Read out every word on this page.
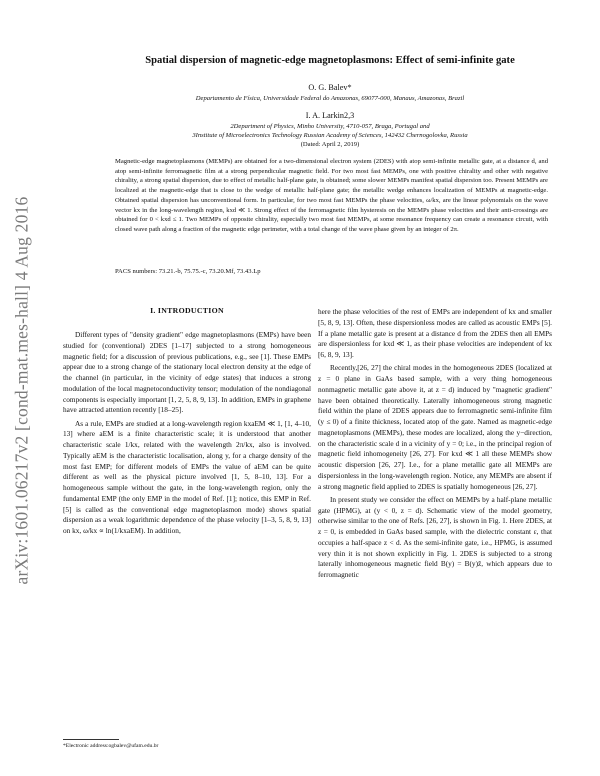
arXiv:1601.06217v2 [cond-mat.mes-hall] 4 Aug 2016
Spatial dispersion of magnetic-edge magnetoplasmons: Effect of semi-infinite gate
O. G. Balev*
Departamento de Física, Universidade Federal do Amazonas, 69077-000, Manaus, Amazonas, Brazil
I. A. Larkin2,3
2Department of Physics, Minho University, 4710-057, Braga, Portugal and
3Institute of Microelectronics Technology Russian Academy of Sciences, 142432 Chernogolovka, Russia
(Dated: April 2, 2019)
Magnetic-edge magnetoplasmons (MEMPs) are obtained for a two-dimensional electron system (2DES) with atop semi-infinite metallic gate, at a distance d, and atop semi-infinite ferromagnetic film at a strong perpendicular magnetic field. For two most fast MEMPs, one with positive chirality and other with negative chirality, a strong spatial dispersion, due to effect of metallic half-plane gate, is obtained; some slower MEMPs manifest spatial dispersion too. Present MEMPs are localized at the magnetic-edge that is close to the wedge of metallic half-plane gate; the metallic wedge enhances localization of MEMPs at magnetic-edge. Obtained spatial dispersion has unconventional form. In particular, for two most fast MEMPs the phase velocities, ω/kx, are the linear polynomials on the wave vector kx in the long-wavelength region, kxd ≪ 1. Strong effect of the ferromagnetic film hysteresis on the MEMPs phase velocities and their anti-crossings are obtained for 0 < kxd ≤ 1. Two MEMPs of opposite chirality, especially two most fast MEMPs, at some resonance frequency can create a resonance circuit, with closed wave path along a fraction of the magnetic edge perimeter, with a total change of the wave phase given by an integer of 2π.
PACS numbers: 73.21.-b, 75.75.-c, 73.20.Mf, 73.43.Lp
I. INTRODUCTION

Different types of "density gradient" edge magnetoplasmons (EMPs) have been studied for (conventional) 2DES [1–17] subjected to a strong homogeneous magnetic field; for a discussion of previous publications, e.g., see [1]. These EMPs appear due to a strong change of the stationary local electron density at the edge of the channel (in particular, in the vicinity of edge states) that induces a strong modulation of the local magnetoconductivity tensor; modulation of the nondiagonal components is especially important [1, 2, 5, 8, 9, 13]. In addition, EMPs in graphene have attracted attention recently [18–25].

As a rule, EMPs are studied at a long-wavelength region kxaEM ≪ 1, [1, 4–10, 13] where aEM is a finite characteristic scale; it is understood that another characteristic scale 1/kx, related with the wavelength 2π/kx, also is involved. Typically aEM is the characteristic localisation, along y, for a charge density of the most fast EMP; for different models of EMPs the value of aEM can be quite different as well as the physical picture involved [1, 5, 8–10, 13]. For a homogeneous sample without the gate, in the long-wavelength region, only the fundamental EMP (the only EMP in the model of Ref. [1]; notice, this EMP in Ref. [5] is called as the conventional edge magnetoplasmon mode) shows spatial dispersion as a weak logarithmic dependence of the phase velocity [1–3, 5, 8, 9, 13] on kx, ω/kx ∝ ln(1/kxaEM). In addition,

here the phase velocities of the rest of EMPs are independent of kx and smaller [5, 8, 9, 13]. Often, these dispersionless modes are called as acoustic EMPs [5]. If a plane metallic gate is present at a distance d from the 2DES then all EMPs are dispersionless for kxd ≪ 1, as their phase velocities are independent of kx [6, 8, 9, 13].

Recently,[26, 27] the chiral modes in the homogeneous 2DES (localized at z = 0 plane in GaAs based sample, with a very thing homogeneous nonmagnetic metallic gate above it, at z = d) induced by "magnetic gradient" have been obtained theoretically. Laterally inhomogeneous strong magnetic field within the plane of 2DES appears due to ferromagnetic semi-infinite film (y ≤ 0) of a finite thickness, located atop of the gate. Named as magnetic-edge magnetoplasmons (MEMPs), these modes are localized, along the y−direction, on the characteristic scale d in a vicinity of y = 0; i.e., in the principal region of magnetic field inhomogeneity [26, 27]. For kxd ≪ 1 all these MEMPs show acoustic dispersion [26, 27]. I.e., for a plane metallic gate all MEMPs are dispersionless in the long-wavelength region. Notice, any MEMPs are absent if a strong magnetic field applied to 2DES is spatially homogeneous [26, 27].

In present study we consider the effect on MEMPs by a half-plane metallic gate (HPMG), at (y < 0, z = d). Schematic view of the model geometry, otherwise similar to the one of Refs. [26, 27], is shown in Fig. 1. Here 2DES, at z = 0, is embedded in GaAs based sample, with the dielectric constant ε, that occupies a half-space z < d. As the semi-infinite gate, i.e., HPMG, is assumed very thin it is not shown explicitly in Fig. 1. 2DES is subjected to a strong laterally inhomogeneous magnetic field B(y) = B(y)ẑ, which appears due to ferromagnetic

*Electronic address:ogbalev@ufam.edu.br
